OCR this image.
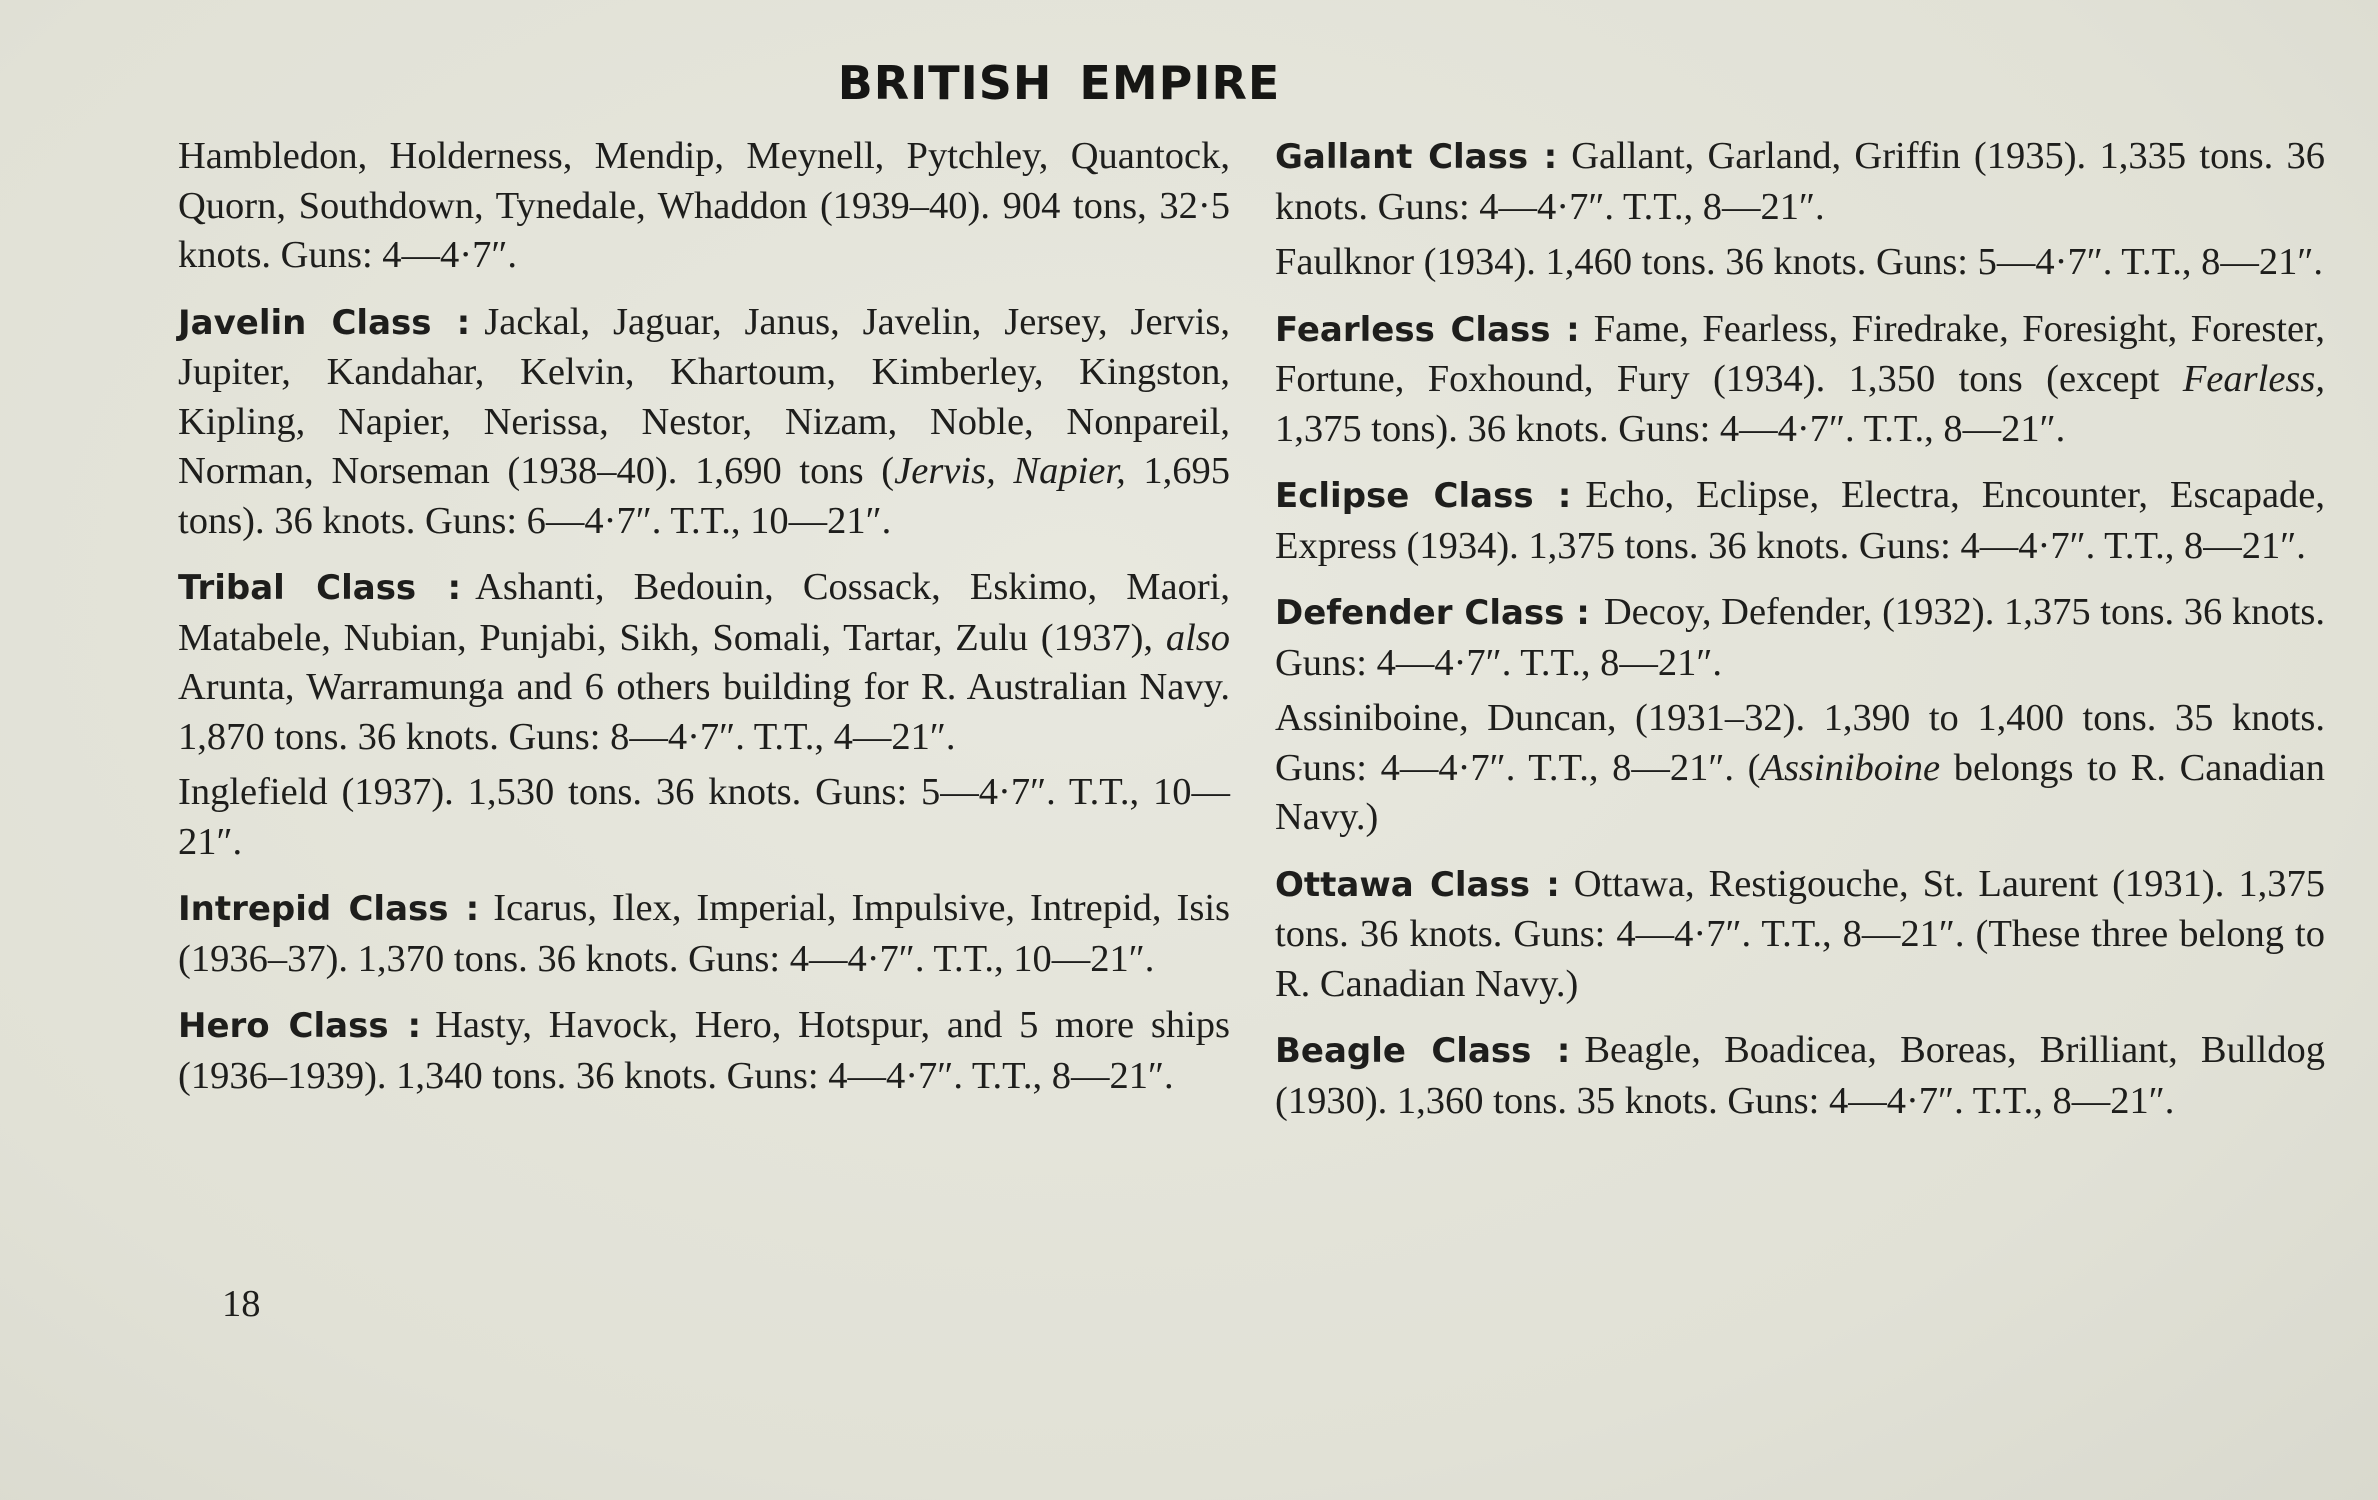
BRITISH EMPIRE

Hambledon, Holderness, Mendip, Meynell, Pytchley, Quantock, Quorn, Southdown, Tynedale, Whaddon (1939–40). 904 tons, 32·5 knots. Guns: 4—4·7″.

Javelin Class : Jackal, Jaguar, Janus, Javelin, Jersey, Jervis, Jupiter, Kandahar, Kelvin, Khartoum, Kimberley, Kingston, Kipling, Napier, Nerissa, Nestor, Nizam, Noble, Nonpareil, Norman, Norseman (1938–40). 1,690 tons (Jervis, Napier, 1,695 tons). 36 knots. Guns: 6—4·7″. T.T., 10—21″.

Tribal Class : Ashanti, Bedouin, Cossack, Eskimo, Maori, Matabele, Nubian, Punjabi, Sikh, Somali, Tartar, Zulu (1937), also Arunta, Warramunga and 6 others building for R. Australian Navy. 1,870 tons. 36 knots. Guns: 8—4·7″. T.T., 4—21″.

Inglefield (1937). 1,530 tons. 36 knots. Guns: 5—4·7″. T.T., 10—21″.

Intrepid Class : Icarus, Ilex, Imperial, Impulsive, Intrepid, Isis (1936–37). 1,370 tons. 36 knots. Guns: 4—4·7″. T.T., 10—21″.

Hero Class : Hasty, Havock, Hero, Hotspur, and 5 more ships (1936–1939). 1,340 tons. 36 knots. Guns: 4—4·7″. T.T., 8—21″.

Gallant Class : Gallant, Garland, Griffin (1935). 1,335 tons. 36 knots. Guns: 4—4·7″. T.T., 8—21″.

Faulknor (1934). 1,460 tons. 36 knots. Guns: 5—4·7″. T.T., 8—21″.

Fearless Class : Fame, Fearless, Firedrake, Foresight, Forester, Fortune, Foxhound, Fury (1934). 1,350 tons (except Fearless, 1,375 tons). 36 knots. Guns: 4—4·7″. T.T., 8—21″.

Eclipse Class : Echo, Eclipse, Electra, Encounter, Escapade, Express (1934). 1,375 tons. 36 knots. Guns: 4—4·7″. T.T., 8—21″.

Defender Class : Decoy, Defender, (1932). 1,375 tons. 36 knots. Guns: 4—4·7″. T.T., 8—21″.

Assiniboine, Duncan, (1931–32). 1,390 to 1,400 tons. 35 knots. Guns: 4—4·7″. T.T., 8—21″. (Assiniboine belongs to R. Canadian Navy.)

Ottawa Class : Ottawa, Restigouche, St. Laurent (1931). 1,375 tons. 36 knots. Guns: 4—4·7″. T.T., 8—21″. (These three belong to R. Canadian Navy.)

Beagle Class : Beagle, Boadicea, Boreas, Brilliant, Bulldog (1930). 1,360 tons. 35 knots. Guns: 4—4·7″. T.T., 8—21″.

18
